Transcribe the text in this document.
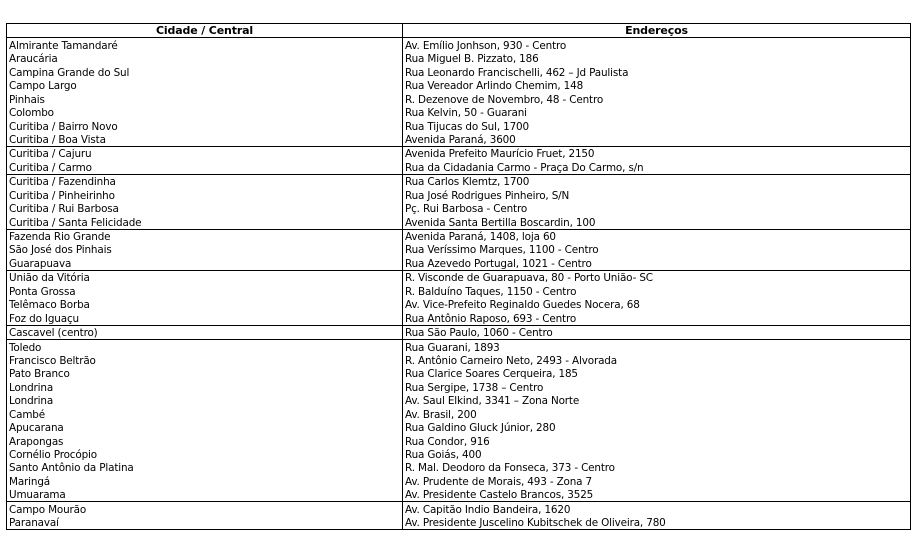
Cidade / Central	Endereços
Almirante Tamandaré	Av. Emílio Jonhson, 930 - Centro
Araucária	Rua Miguel B. Pizzato, 186
Campina Grande do Sul	Rua Leonardo Francischelli, 462 – Jd Paulista
Campo Largo	Rua Vereador Arlindo Chemim, 148
Pinhais	R. Dezenove de Novembro, 48 - Centro
Colombo	Rua Kelvin, 50 - Guarani
Curitiba / Bairro Novo	Rua Tijucas do Sul, 1700
Curitiba / Boa Vista	Avenida Paraná, 3600
Curitiba / Cajuru	Avenida Prefeito Maurício Fruet, 2150
Curitiba / Carmo	Rua da Cidadania Carmo - Praça Do Carmo, s/n
Curitiba / Fazendinha	Rua Carlos Klemtz, 1700
Curitiba / Pinheirinho	Rua José Rodrigues Pinheiro, S/N
Curitiba / Rui Barbosa	Pç. Rui Barbosa - Centro
Curitiba / Santa Felicidade	Avenida Santa Bertilla Boscardin, 100
Fazenda Rio Grande	Avenida Paraná, 1408, loja 60
São José dos Pinhais	Rua Veríssimo Marques, 1100 - Centro
Guarapuava	Rua Azevedo Portugal, 1021 - Centro
União da Vitória	R. Visconde de Guarapuava, 80 - Porto União- SC
Ponta Grossa	R. Balduíno Taques, 1150 - Centro
Telêmaco Borba	Av. Vice-Prefeito Reginaldo Guedes Nocera, 68
Foz do Iguaçu	Rua Antônio Raposo, 693 - Centro
Cascavel (centro)	Rua São Paulo, 1060 - Centro
Toledo	Rua Guarani, 1893
Francisco Beltrão	R. Antônio Carneiro Neto, 2493 - Alvorada
Pato Branco	Rua Clarice Soares Cerqueira, 185
Londrina	Rua Sergipe, 1738 – Centro
Londrina	Av. Saul Elkind, 3341 – Zona Norte
Cambé	Av. Brasil, 200
Apucarana	Rua Galdino Gluck Júnior, 280
Arapongas	Rua Condor, 916
Cornélio Procópio	Rua Goiás, 400
Santo Antônio da Platina	R. Mal. Deodoro da Fonseca, 373 - Centro
Maringá	Av. Prudente de Morais, 493 - Zona 7
Umuarama	Av. Presidente Castelo Brancos, 3525
Campo Mourão	Av. Capitão Indio Bandeira, 1620
Paranavaí	Av. Presidente Juscelino Kubitschek de Oliveira, 780
